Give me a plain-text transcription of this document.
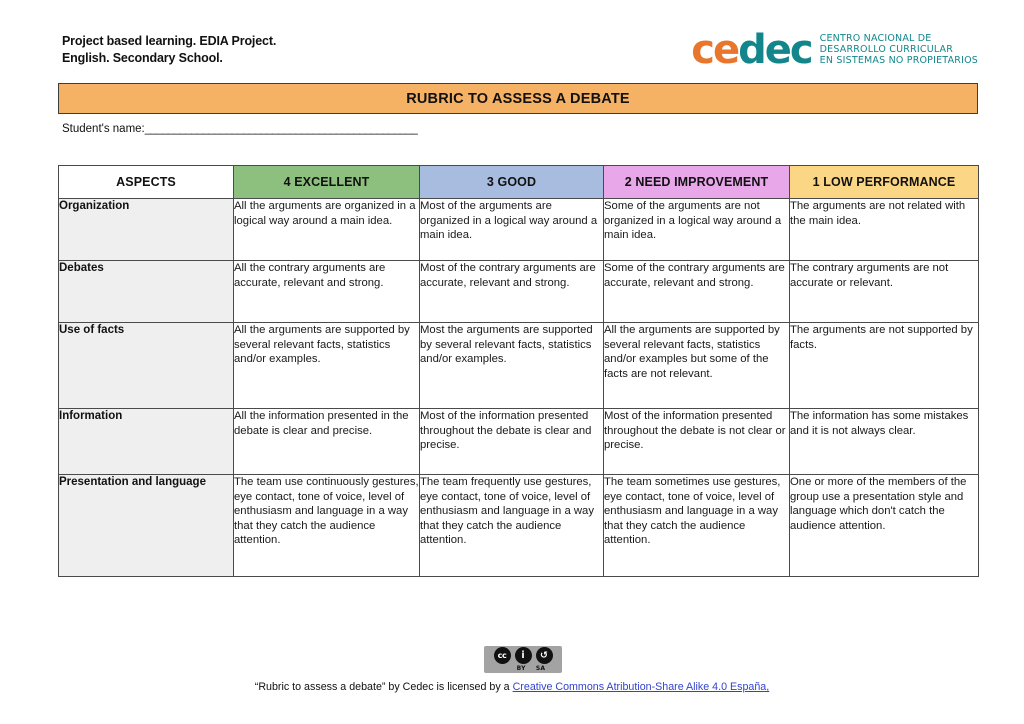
Project based learning. EDIA Project.
English. Secondary School.	cedec CENTRO NACIONAL DE
DESARROLLO CURRICULAR
EN SISTEMAS NO PROPIETARIOS
RUBRIC TO ASSESS A DEBATE
Student's name:_______________________________________________
ASPECTS	4 EXCELLENT	3 GOOD	2 NEED IMPROVEMENT	1 LOW PERFORMANCE
Organization	All the arguments are organized in a logical way around a main idea.	Most of the arguments are organized in a logical way around a main idea.	Some of the arguments are not organized in a logical way around a main idea.	The arguments are not related with the main idea.
Debates	All the contrary arguments are accurate, relevant and strong.	Most of the contrary arguments are accurate, relevant and strong.	Some of the contrary arguments are accurate, relevant and strong.	The contrary arguments are not accurate or relevant.
Use of facts	All the arguments are supported by several relevant facts, statistics and/or examples.	Most the arguments are supported by several relevant facts, statistics and/or examples.	All the arguments are supported by several relevant facts, statistics and/or examples but some of the facts are not relevant.	The arguments are not supported by facts.
Information	All the information presented in the debate is clear and precise.	Most of the information presented throughout the debate is clear and precise.	Most of the information presented throughout the debate is not clear or precise.	The information has some mistakes and it is not always clear.
Presentation and language	The team use continuously gestures, eye contact, tone of voice, level of enthusiasm and language in a way that they catch the audience attention.	The team frequently use gestures, eye contact, tone of voice, level of enthusiasm and language in a way that they catch the audience attention.	The team sometimes use gestures, eye contact, tone of voice, level of enthusiasm and language in a way that they catch the audience attention.	One or more of the members of the group use a presentation style and language which don't catch the audience attention.
cc	i	↺
BY SA
“Rubric to assess a debate” by Cedec is licensed by a Creative Commons Atribution-Share Alike 4.0 España,
